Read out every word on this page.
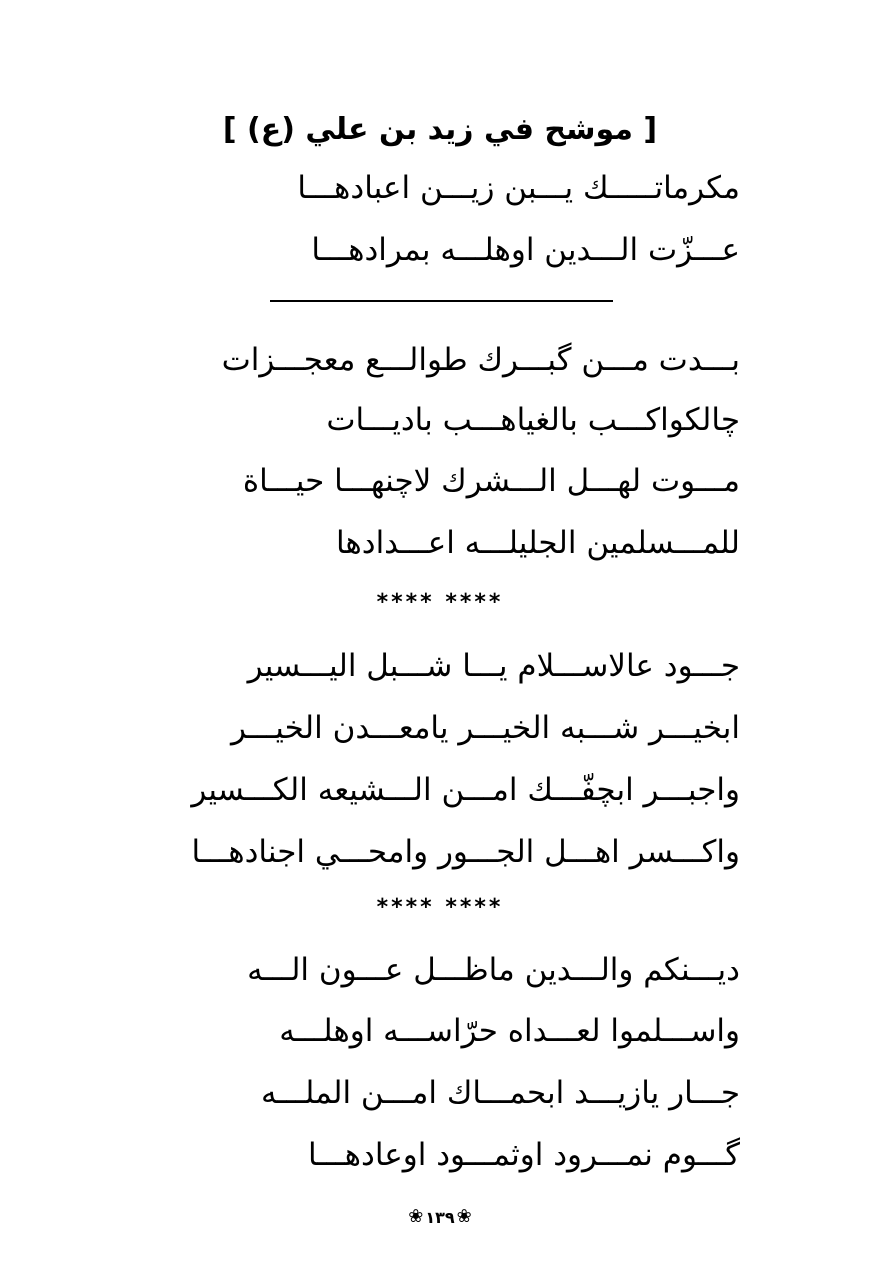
[ موشح في زيد بن علي (ع) ]
مكرماتـــــك يـــبن زيـــن اعبادهـــا
عـــزّت الـــدين اوهلـــه بمرادهـــا
بـــدت مـــن گبـــرك طوالـــع معجـــزات
چالكواكـــب بالغياهـــب باديـــات
مـــوت لهـــل الـــشرك لاچنهـــا حيـــاة
للمـــسلمين الجليلـــه اعـــدادها
**** ****
جـــود عالاســـلام يـــا شـــبل اليـــسير
ابخيـــر شـــبه الخيـــر يامعـــدن الخيـــر
واجبـــر ابچفّـــك امـــن الـــشيعه الكـــسير
واكـــسر اهـــل الجـــور وامحـــي اجنادهـــا
**** ****
ديـــنكم والـــدين ماظـــل عـــون الـــه
واســـلموا لعـــداه حرّاســـه اوهلـــه
جـــار يازيـــد ابحمـــاك امـــن الملـــه
گـــوم نمـــرود اوثمـــود اوعادهـــا
❀ ١٣٩ ❀
